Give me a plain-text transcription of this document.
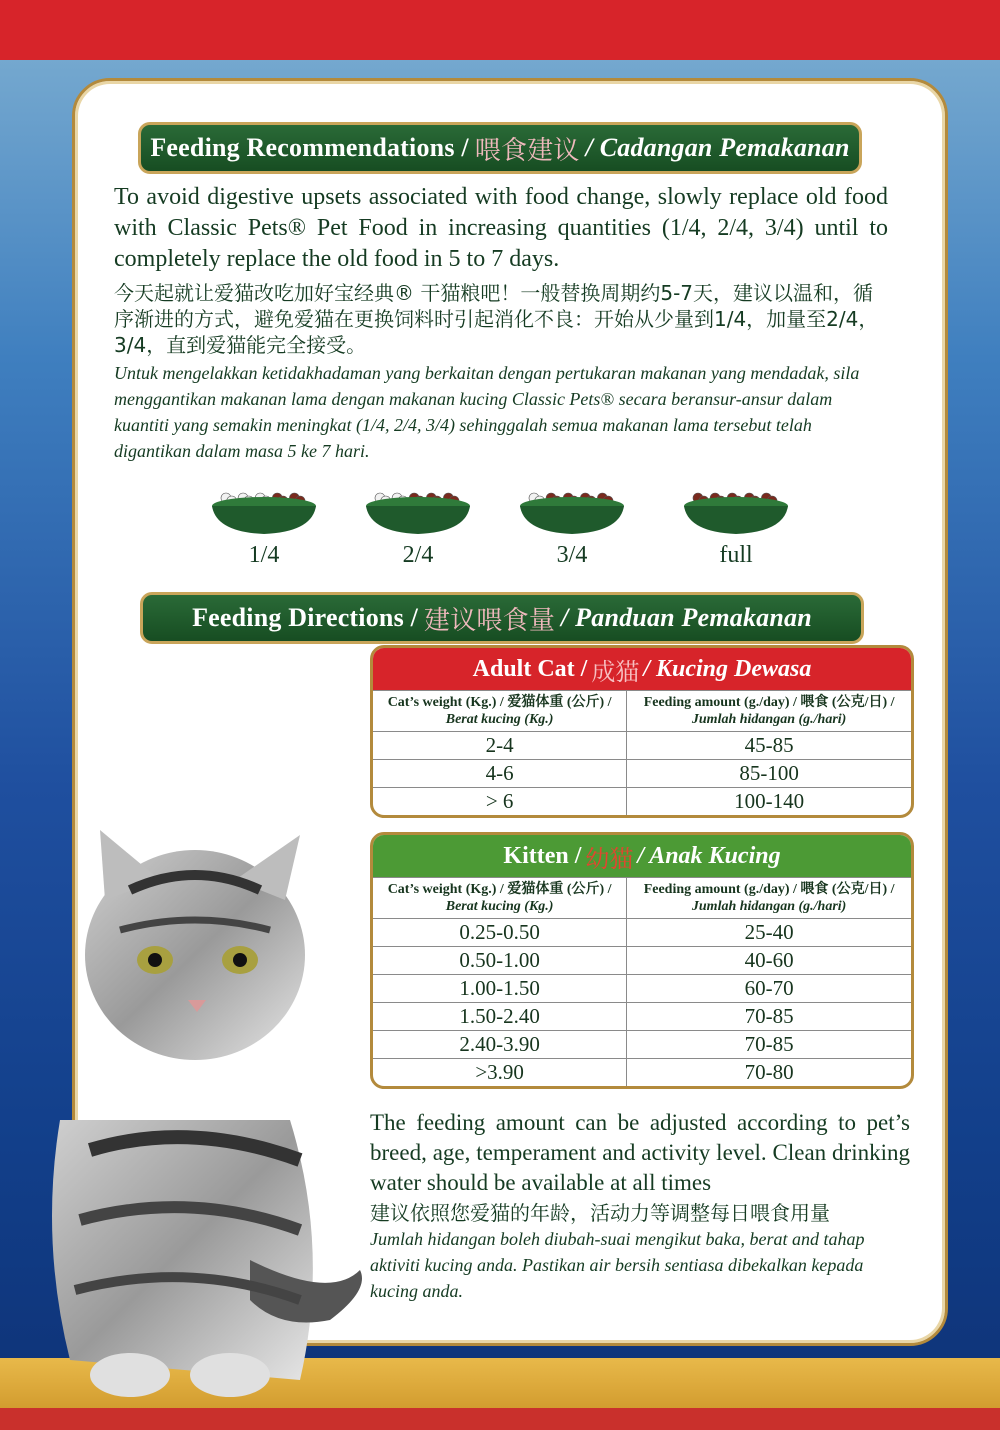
Feeding Recommendations / 喂食建议 / Cadangan Pemakanan
To avoid digestive upsets associated with food change, slowly replace old food with Classic Pets® Pet Food in increasing quantities (1/4, 2/4, 3/4) until to completely replace the old food in 5 to 7 days.
今天起就让爱猫改吃加好宝经典® 干猫粮吧！一般替换周期约5-7天，建议以温和，循序渐进的方式，避免爱猫在更换饲料时引起消化不良：开始从少量到1/4，加量至2/4，3/4，直到爱猫能完全接受。
Untuk mengelakkan ketidakhadaman yang berkaitan dengan pertukaran makanan yang mendadak, sila menggantikan makanan lama dengan makanan kucing Classic Pets® secara beransur-ansur dalam kuantiti yang semakin meningkat (1/4, 2/4, 3/4) sehinggalah semua makanan lama tersebut telah digantikan dalam masa 5 ke 7 hari.
1/4	2/4	3/4	full
Feeding Directions / 建议喂食量 / Panduan Pemakanan
Adult Cat / 成猫 / Kucing Dewasa
Cat’s weight (Kg.) / 爱猫体重 (公斤) /
Berat kucing (Kg.)	Feeding amount (g./day) / 喂食 (公克/日) /
Jumlah hidangan (g./hari)
2-4	45-85
4-6	85-100
> 6	100-140
Kitten / 幼猫 / Anak Kucing
Cat’s weight (Kg.) / 爱猫体重 (公斤) /
Berat kucing (Kg.)	Feeding amount (g./day) / 喂食 (公克/日) /
Jumlah hidangan (g./hari)
0.25-0.50	25-40
0.50-1.00	40-60
1.00-1.50	60-70
1.50-2.40	70-85
2.40-3.90	70-85
>3.90	70-80
The feeding amount can be adjusted according to pet’s breed, age, temperament and activity level. Clean drinking water should be available at all times
建议依照您爱猫的年龄，活动力等调整每日喂食用量
Jumlah hidangan boleh diubah-suai mengikut baka, berat and tahap aktiviti kucing anda. Pastikan air bersih sentiasa dibekalkan kepada kucing anda.
